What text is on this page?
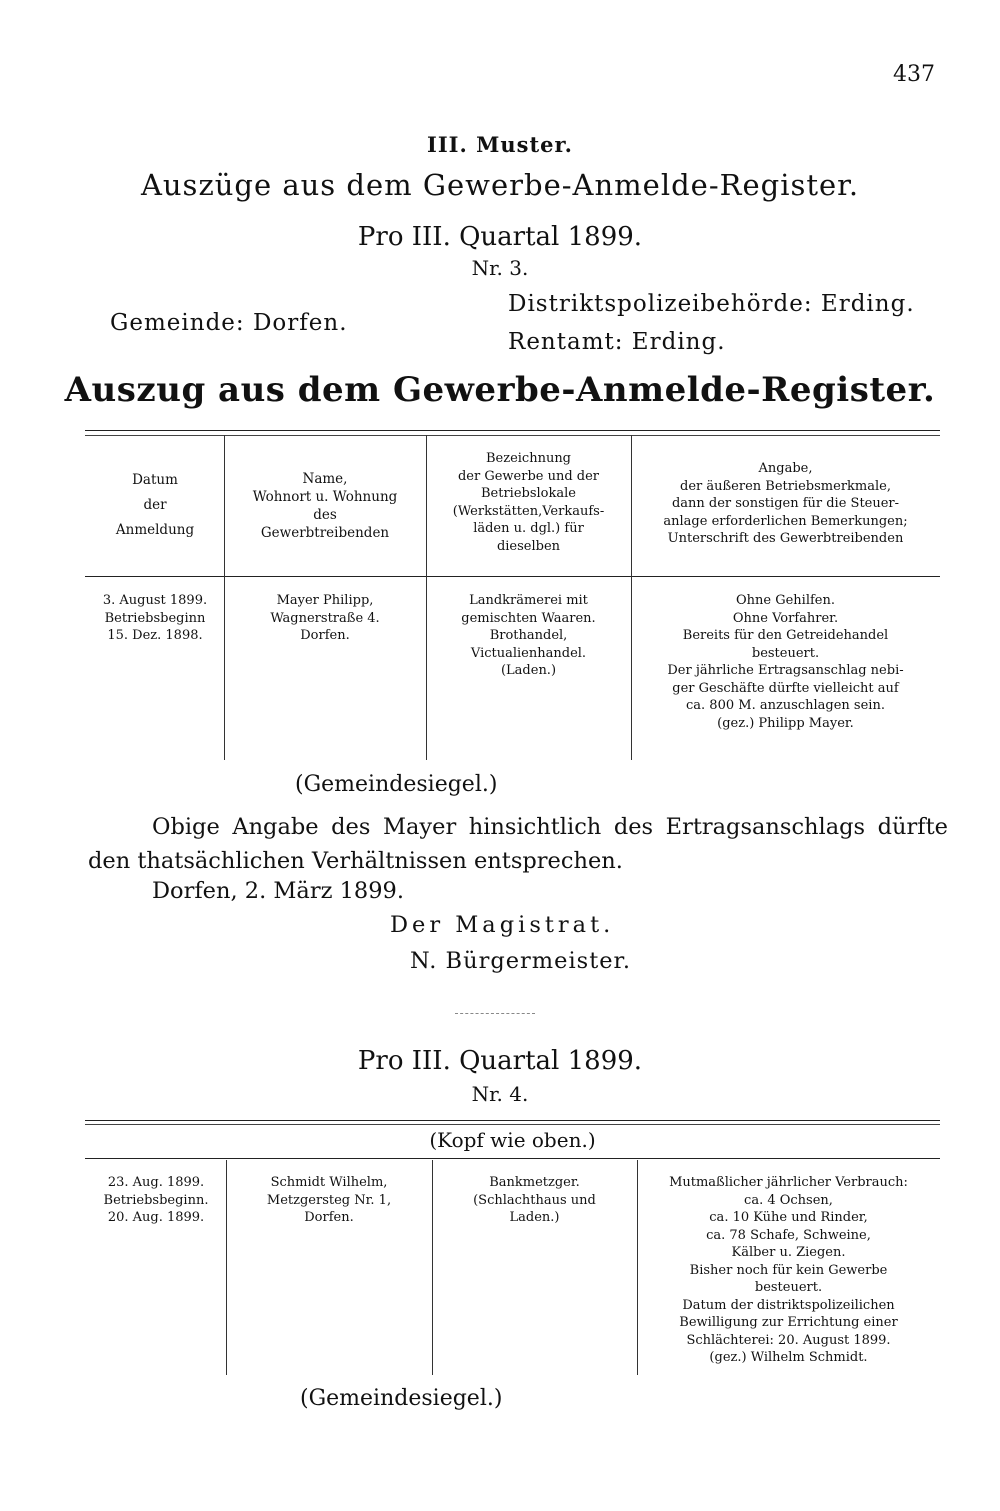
437
III. Muster.
Auszüge aus dem Gewerbe-Anmelde-Register.
Pro III. Quartal 1899.
Nr. 3.
Gemeinde: Dorfen.
Distriktspolizeibehörde: Erding.
Rentamt: Erding.
Auszug aus dem Gewerbe-Anmelde-Register.
Datum
der
Anmeldung
Name,
Wohnort u. Wohnung
des
Gewerbtreibenden
Bezeichnung
der Gewerbe und der
Betriebslokale
(Werkstätten,Verkaufs-
läden u. dgl.) für
dieselben
Angabe,
der äußeren Betriebsmerkmale,
dann der sonstigen für die Steuer-
anlage erforderlichen Bemerkungen;
Unterschrift des Gewerbtreibenden
3. August 1899.
Betriebsbeginn
15. Dez. 1898.
Mayer Philipp,
Wagnerstraße 4.
Dorfen.
Landkrämerei mit
gemischten Waaren.
Brothandel,
Victualienhandel.
(Laden.)
Ohne Gehilfen.
Ohne Vorfahrer.
Bereits für den Getreidehandel
besteuert.
Der jährliche Ertragsanschlag nebi-
ger Geschäfte dürfte vielleicht auf
ca. 800 M. anzuschlagen sein.
(gez.) Philipp Mayer.
(Gemeindesiegel.)
Obige Angabe des Mayer hinsichtlich des Ertragsanschlags dürfte
den thatsächlichen Verhältnissen entsprechen.
Dorfen, 2. März 1899.
Der Magistrat.
N. Bürgermeister.
Pro III. Quartal 1899.
Nr. 4.
(Kopf wie oben.)
23. Aug. 1899.
Betriebsbeginn.
20. Aug. 1899.
Schmidt Wilhelm,
Metzgersteg Nr. 1,
Dorfen.
Bankmetzger.
(Schlachthaus und
Laden.)
Mutmaßlicher jährlicher Verbrauch:
ca. 4 Ochsen,
ca. 10 Kühe und Rinder,
ca. 78 Schafe, Schweine,
Kälber u. Ziegen.
Bisher noch für kein Gewerbe
besteuert.
Datum der distriktspolizeilichen
Bewilligung zur Errichtung einer
Schlächterei: 20. August 1899.
(gez.) Wilhelm Schmidt.
(Gemeindesiegel.)
